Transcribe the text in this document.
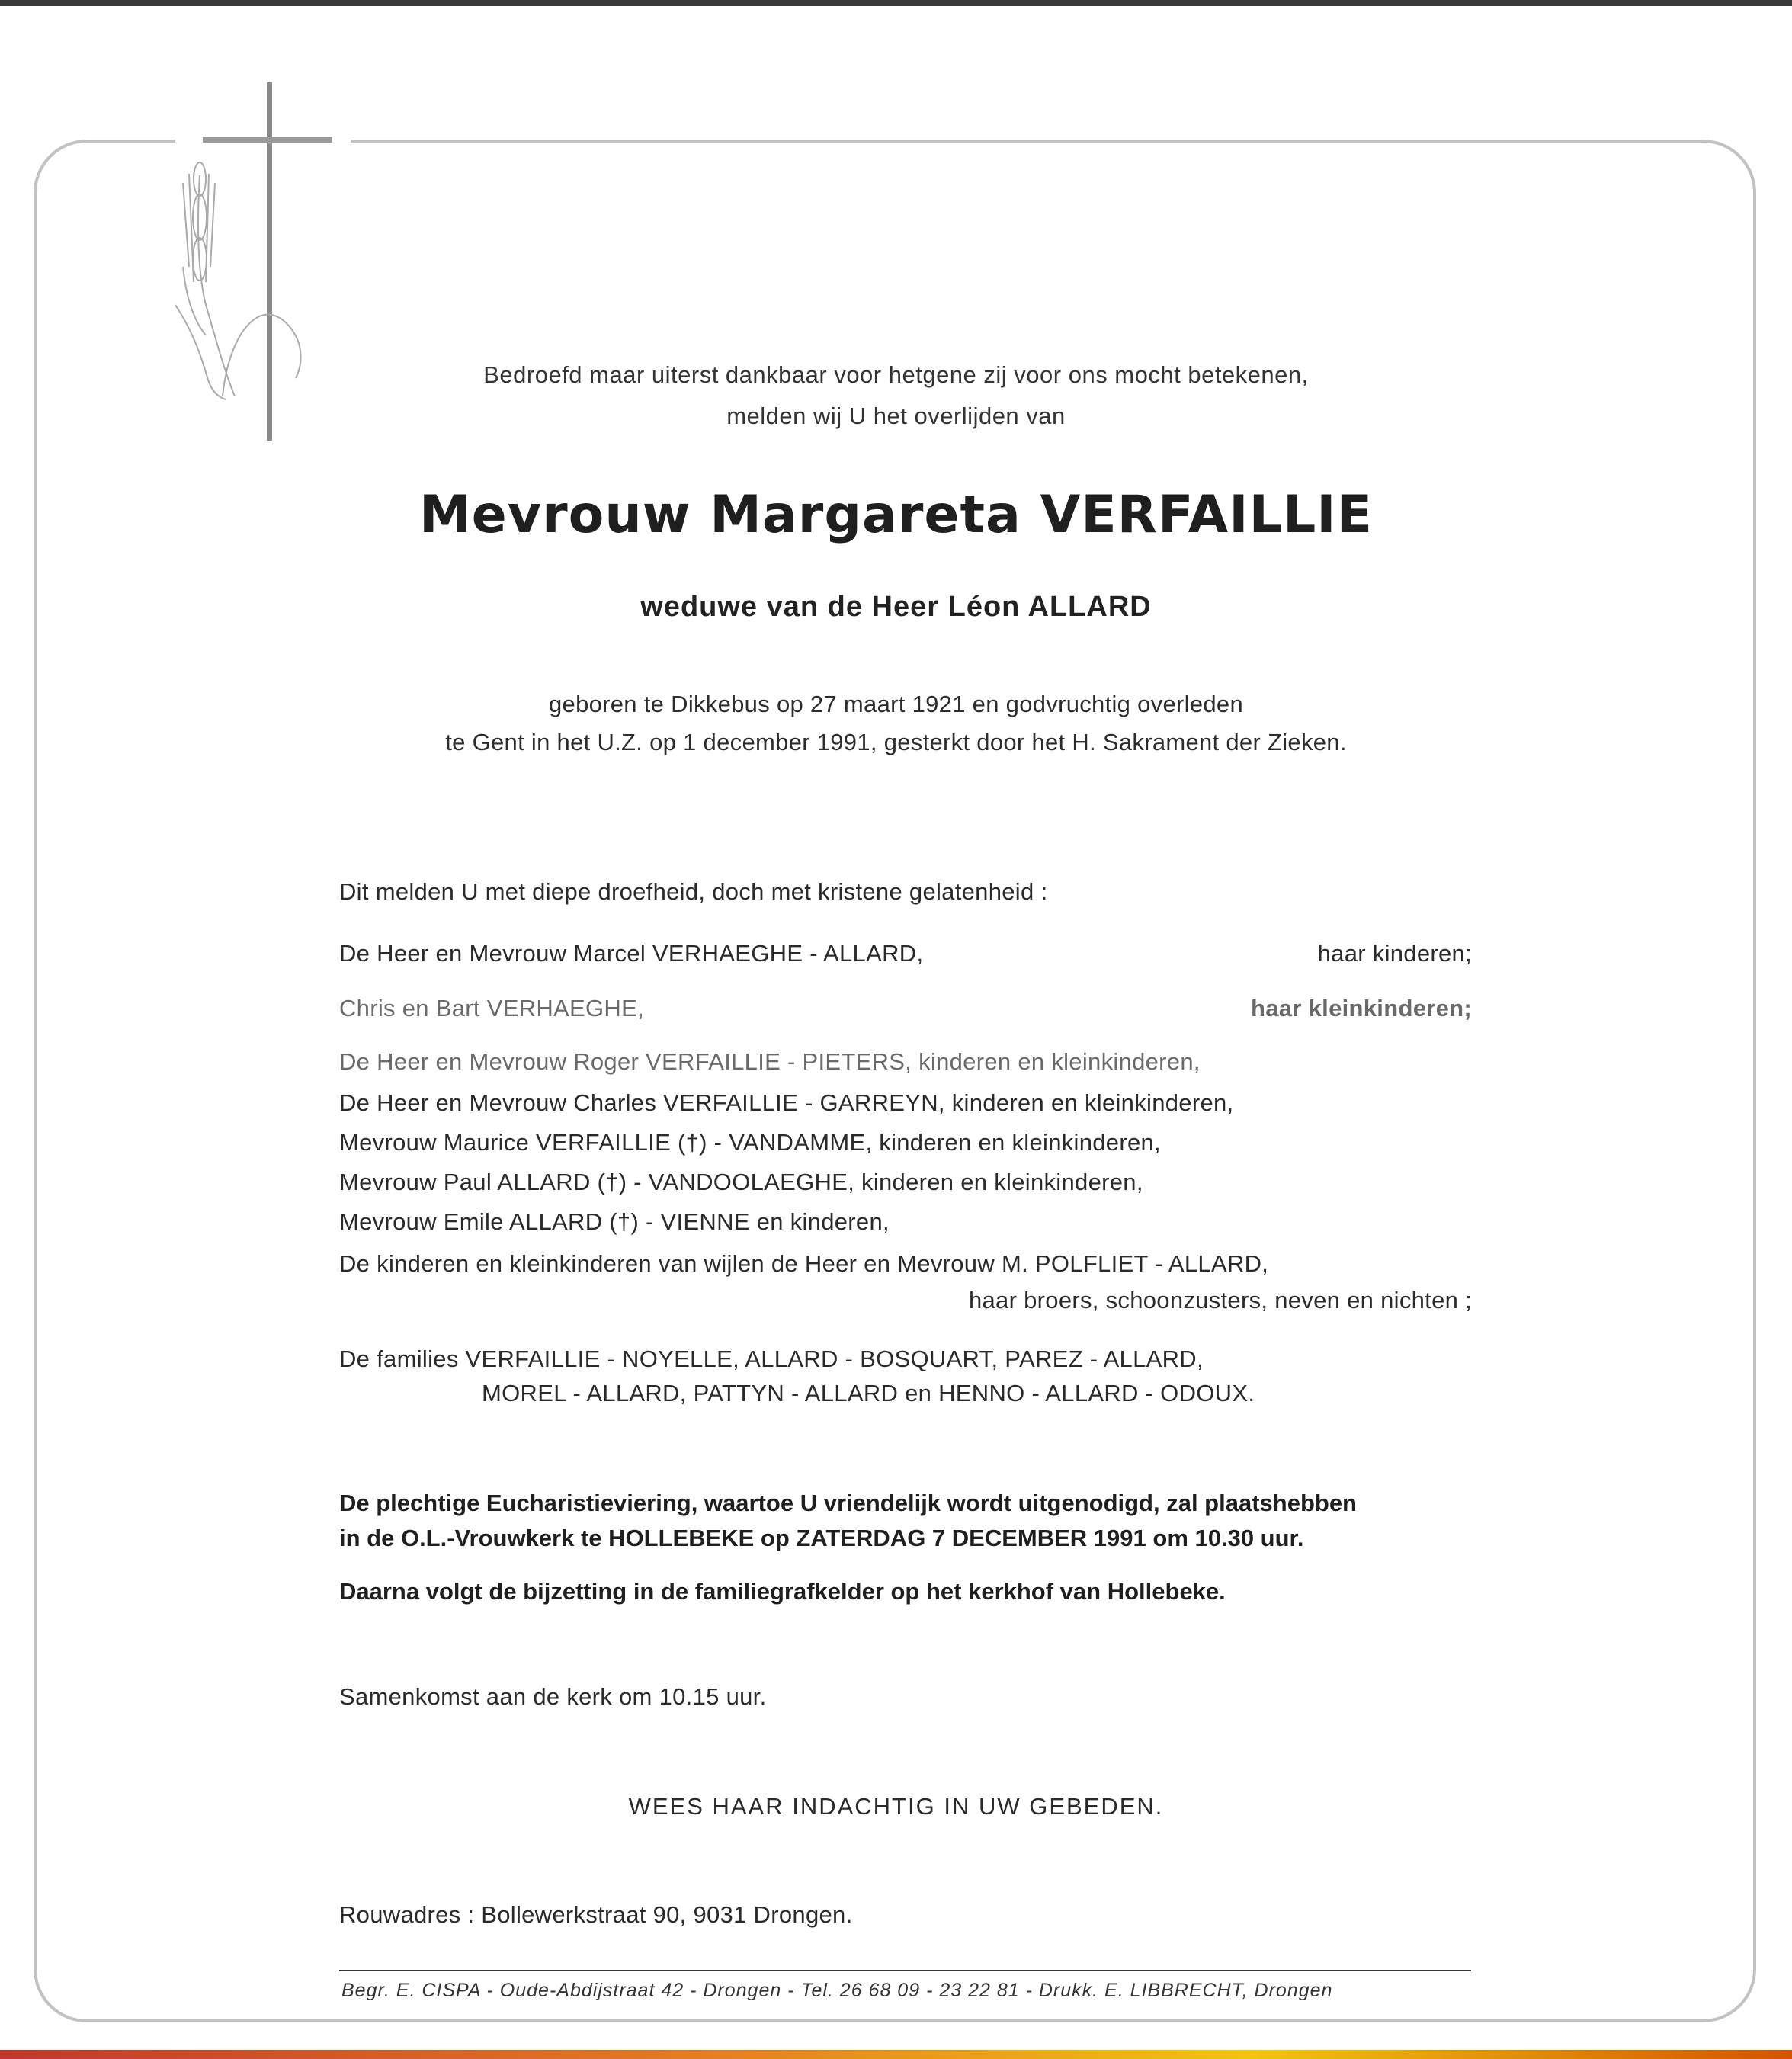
Bedroefd maar uiterst dankbaar voor hetgene zij voor ons mocht betekenen,
melden wij U het overlijden van
Mevrouw Margareta VERFAILLIE
weduwe van de Heer Léon ALLARD
geboren te Dikkebus op 27 maart 1921 en godvruchtig overleden
te Gent in het U.Z. op 1 december 1991, gesterkt door het H. Sakrament der Zieken.
Dit melden U met diepe droefheid, doch met kristene gelatenheid :
De Heer en Mevrouw Marcel VERHAEGHE - ALLARD,	haar kinderen;
Chris en Bart VERHAEGHE,	haar kleinkinderen;
De Heer en Mevrouw Roger VERFAILLIE - PIETERS, kinderen en kleinkinderen,
De Heer en Mevrouw Charles VERFAILLIE - GARREYN, kinderen en kleinkinderen,
Mevrouw Maurice VERFAILLIE (†) - VANDAMME, kinderen en kleinkinderen,
Mevrouw Paul ALLARD (†) - VANDOOLAEGHE, kinderen en kleinkinderen,
Mevrouw Emile ALLARD (†) - VIENNE en kinderen,
De kinderen en kleinkinderen van wijlen de Heer en Mevrouw M. POLFLIET - ALLARD,
haar broers, schoonzusters, neven en nichten ;
De families VERFAILLIE - NOYELLE, ALLARD - BOSQUART, PAREZ - ALLARD,
MOREL - ALLARD, PATTYN - ALLARD en HENNO - ALLARD - ODOUX.
De plechtige Eucharistieviering, waartoe U vriendelijk wordt uitgenodigd, zal plaatshebben
in de O.L.-Vrouwkerk te HOLLEBEKE op ZATERDAG 7 DECEMBER 1991 om 10.30 uur.
Daarna volgt de bijzetting in de familiegrafkelder op het kerkhof van Hollebeke.
Samenkomst aan de kerk om 10.15 uur.
WEES HAAR INDACHTIG IN UW GEBEDEN.
Rouwadres : Bollewerkstraat 90, 9031 Drongen.
Begr. E. CISPA - Oude-Abdijstraat 42 - Drongen - Tel. 26 68 09 - 23 22 81 - Drukk. E. LIBBRECHT, Drongen
